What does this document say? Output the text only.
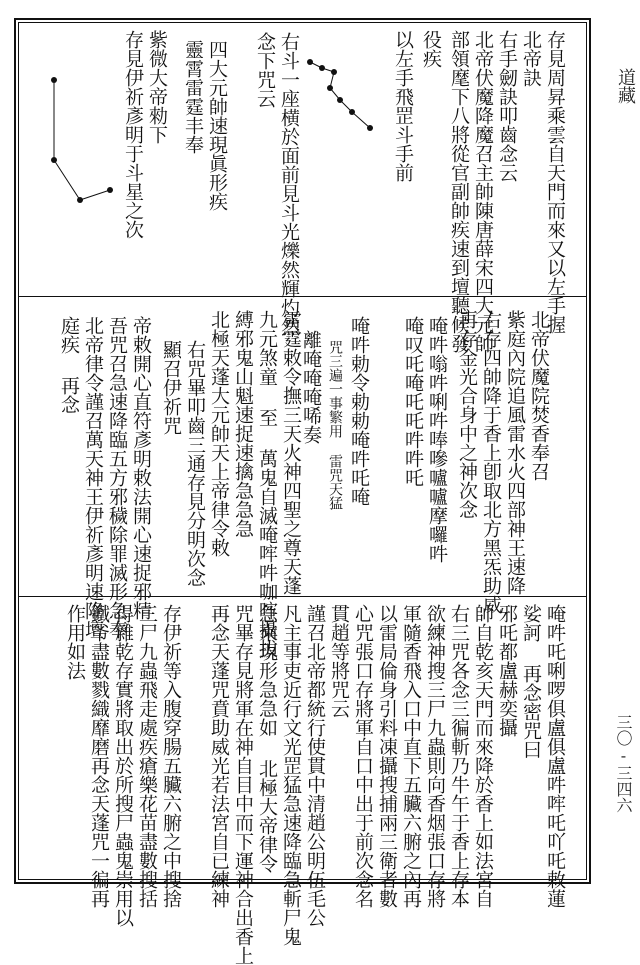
道藏
三〇-三四六
存見周昇乘雲自天門而來又以左手握
北帝訣
右手劒訣叩齒念云
北帝伏魔降魔召主帥陳唐薛宋四大元帥
部領麾下八將從官副帥疾速到壇聽候發
役疾
以左手飛罡斗手前
右斗一座横於面前見斗光爍然輝灼然
念下咒云
四大元帥速現眞形疾
靈霄雷霆丰奉
紫微大帝勑下
存見伊祈彥明于斗星之次
北帝伏魔院焚香奉召
紫庭內院追風雷水火四部神王速降
右存四帥降于香上卽取北方黑炁助威
再存金光合身中之神次念
唵吽嗡吽唎吽唪嘇嚧嚧摩囉吽
唵叹吒唵吒吒吽吽吒
唵吽勅令勅勅唵吽吒唵
咒三遍一事繁用 雷咒天猛
離唵唵唵唏奏
雷霆敕令撫三天火神四聖之尊天蓬
九元煞童 至 萬鬼自滅唵哰吽咖哰攝拔
縛邪鬼山魁速捉速擒急急急
北極天蓬大元帥天上帝律令敕
右咒畢叩齒三通存見分明次念
顯召伊祈咒
帝敕開心直符彥明敕法開心速捉邪精
吾咒召急速降臨五方邪穢除罪滅形急奉
北帝律令謹召萬天神王伊祈彥明速降壇
庭疾 再念
唵吽吒唎啰俱盧俱盧吽哰吒吖吒敕蓮
娑訶 再念密咒曰
邪吒都盧赫奕攝
帥自乾亥天門而來降於香上如法宮自
右三咒各念三徧斬乃牛午于香上存本
欲練神搜三尸九蟲則向香烟張口存將
軍隨香飛入口中直下五臟六腑之內再
以雷局倫身引料凍攝搜捕兩三衛者數
心咒張口存將軍自口中出于前次念名
貫趙等將咒云
謹召北帝都統行使貫中清趙公明伍毛公
凡主事吏近行文光罡猛急速降臨急斬尸鬼
急來現形急急如 北極大帝律令
咒畢存見將軍在神自目中而下運神合出香上
再念天蓬咒賁助威光若法宮自已練神
存伊祈等入腹穿腸五臟六腑之中搜捨
三尸九蟲飛走處疾瘡樂花苗盡數搜括
得雜乾存實將取出於所搜尸蟲鬼崇用以
鐵爷盡數戮織靡磨再念天蓬咒一徧再
作用如法
